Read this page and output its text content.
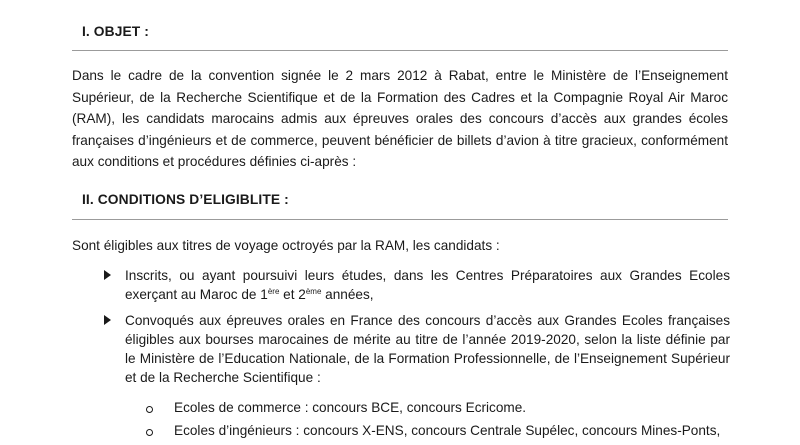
I. OBJET :

Dans le cadre de la convention signée le 2 mars 2012 à Rabat, entre le Ministère de l’Enseignement Supérieur, de la Recherche Scientifique et de la Formation des Cadres et la Compagnie Royal Air Maroc (RAM), les candidats marocains admis aux épreuves orales des concours d’accès aux grandes écoles françaises d’ingénieurs et de commerce, peuvent bénéficier de billets d’avion à titre gracieux, conformément aux conditions et procédures définies ci-après :

II. CONDITIONS D’ELIGIBLITE :
Sont éligibles aux titres de voyage octroyés par la RAM, les candidats :
Inscrits, ou ayant poursuivi leurs études, dans les Centres Préparatoires aux Grandes Ecoles
exerçant au Maroc de 1ère et 2ème années,

Convoqués aux épreuves orales en France des concours d’accès aux Grandes Ecoles françaises éligibles aux bourses marocaines de mérite au titre de l’année 2019-2020, selon la liste définie par le Ministère de l’Education Nationale, de la Formation Professionnelle, de l’Enseignement Supérieur et de la Recherche Scientifique :

Ecoles de commerce : concours BCE, concours Ecricome.
Ecoles d’ingénieurs : concours X-ENS, concours Centrale Supélec, concours Mines-Ponts,
